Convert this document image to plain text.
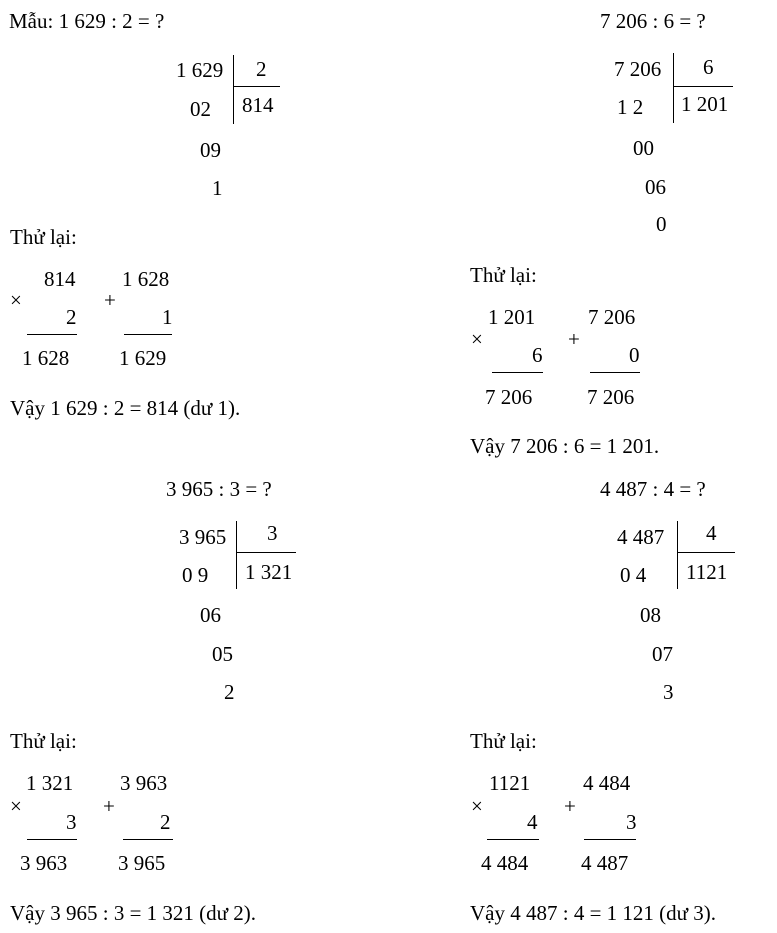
Mẫu: 1 629 : 2 = ?
1 629 2
814
02
09
1
Thử lại:
814
×
2
1 628
1 628
+
1
1 629
Vậy 1 629 : 2 = 814 (dư 1).
7 206 : 6 = ?
7 206 6
1 201
1 2
00
06
0
Thử lại:
1 201
×
6
7 206
7 206
+
0
7 206
Vậy 7 206 : 6 = 1 201.
3 965 : 3 = ?
3 965 3
1 321
0 9
06
05
2
Thử lại:
1 321
×
3
3 963
3 963
+
2
3 965
Vậy 3 965 : 3 = 1 321 (dư 2).
4 487 : 4 = ?
4 487 4
1121
0 4
08
07
3
Thử lại:
1121
×
4
4 484
4 484
+
3
4 487
Vậy 4 487 : 4 = 1 121 (dư 3).
